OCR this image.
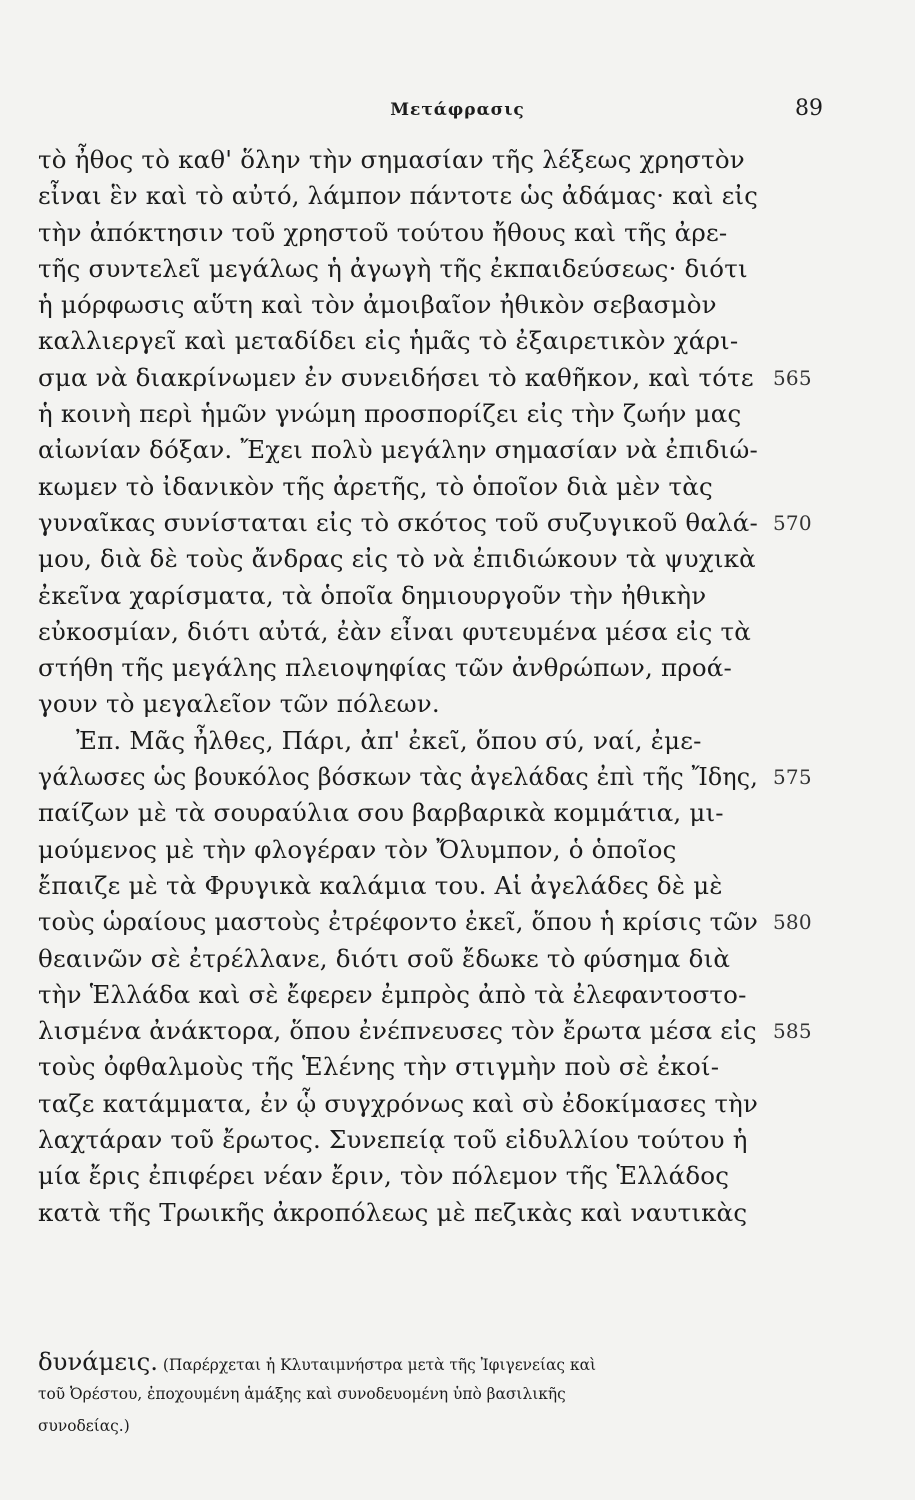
Μετάφρασις	89
τὸ ἦθος τὸ καθ' ὅλην τὴν σημασίαν τῆς λέξεως χρηστὸν
εἶναι ἓν καὶ τὸ αὐτό, λάμπον πάντοτε ὡς ἀδάμας· καὶ εἰς
τὴν ἀπόκτησιν τοῦ χρηστοῦ τούτου ἤθους καὶ τῆς ἀρε-
τῆς συντελεῖ μεγάλως ἡ ἀγωγὴ τῆς ἐκπαιδεύσεως· διότι
ἡ μόρφωσις αὕτη καὶ τὸν ἀμοιβαῖον ἠθικὸν σεβασμὸν
καλλιεργεῖ καὶ μεταδίδει εἰς ἡμᾶς τὸ ἐξαιρετικὸν χάρι-
σμα νὰ διακρίνωμεν ἐν συνειδήσει τὸ καθῆκον, καὶ τότε 565
ἡ κοινὴ περὶ ἡμῶν γνώμη προσπορίζει εἰς τὴν ζωήν μας
αἰωνίαν δόξαν. Ἔχει πολὺ μεγάλην σημασίαν νὰ ἐπιδιώ-
κωμεν τὸ ἰδανικὸν τῆς ἀρετῆς, τὸ ὁποῖον διὰ μὲν τὰς
γυναῖκας συνίσταται εἰς τὸ σκότος τοῦ συζυγικοῦ θαλά- 570
μου, διὰ δὲ τοὺς ἄνδρας εἰς τὸ νὰ ἐπιδιώκουν τὰ ψυχικὰ
ἐκεῖνα χαρίσματα, τὰ ὁποῖα δημιουργοῦν τὴν ἠθικὴν
εὐκοσμίαν, διότι αὐτά, ἐὰν εἶναι φυτευμένα μέσα εἰς τὰ
στήθη τῆς μεγάλης πλειοψηφίας τῶν ἀνθρώπων, προά-
γουν τὸ μεγαλεῖον τῶν πόλεων.
Ἐπ. Μᾶς ἦλθες, Πάρι, ἀπ' ἐκεῖ, ὅπου σύ, ναί, ἐμε-
γάλωσες ὡς βουκόλος βόσκων τὰς ἀγελάδας ἐπὶ τῆς Ἴδης, 575
παίζων μὲ τὰ σουραύλια σου βαρβαρικὰ κομμάτια, μι-
μούμενος μὲ τὴν φλογέραν τὸν Ὄλυμπον, ὁ ὁποῖος
ἔπαιζε μὲ τὰ Φρυγικὰ καλάμια του. Αἱ ἀγελάδες δὲ μὲ
τοὺς ὡραίους μαστοὺς ἐτρέφοντο ἐκεῖ, ὅπου ἡ κρίσις τῶν 580
θεαινῶν σὲ ἐτρέλλανε, διότι σοῦ ἔδωκε τὸ φύσημα διὰ
τὴν Ἑλλάδα καὶ σὲ ἔφερεν ἐμπρὸς ἀπὸ τὰ ἐλεφαντοστο-
λισμένα ἀνάκτορα, ὅπου ἐνέπνευσες τὸν ἔρωτα μέσα εἰς 585
τοὺς ὀφθαλμοὺς τῆς Ἑλένης τὴν στιγμὴν ποὺ σὲ ἐκοί-
ταζε κατάμματα, ἐν ᾧ συγχρόνως καὶ σὺ ἐδοκίμασες τὴν
λαχτάραν τοῦ ἔρωτος. Συνεπείᾳ τοῦ εἰδυλλίου τούτου ἡ
μία ἔρις ἐπιφέρει νέαν ἔριν, τὸν πόλεμον τῆς Ἑλλάδος
κατὰ τῆς Τρωικῆς ἀκροπόλεως μὲ πεζικὰς καὶ ναυτικὰς
δυνάμεις. (Παρέρχεται ἡ Κλυταιμνήστρα μετὰ τῆς Ἰφιγενείας καὶ
τοῦ Ὀρέστου, ἐποχουμένη ἁμάξης καὶ συνοδευομένη ὑπὸ βασιλικῆς
συνοδείας.)
